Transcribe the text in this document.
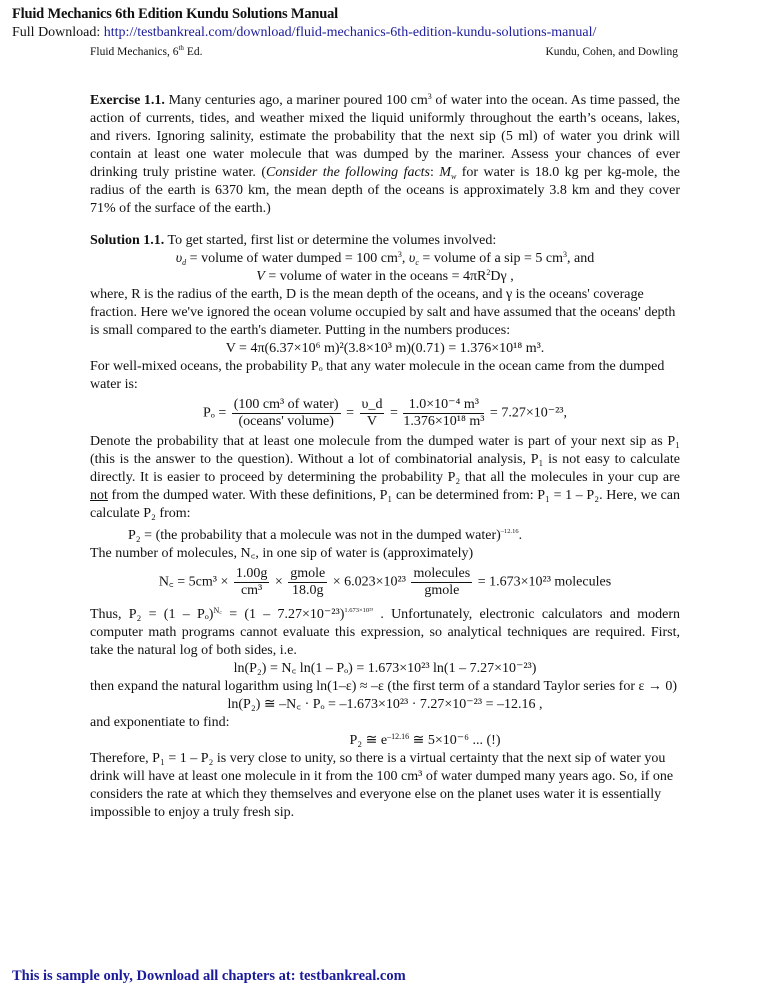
Fluid Mechanics 6th Edition Kundu Solutions Manual
Full Download: http://testbankreal.com/download/fluid-mechanics-6th-edition-kundu-solutions-manual/
Fluid Mechanics, 6th Ed.	Kundu, Cohen, and Dowling

Exercise 1.1. Many centuries ago, a mariner poured 100 $cm^3$ of water into the ocean. As time passed, the action of currents, tides, and weather mixed the liquid uniformly throughout the earth’s oceans, lakes, and rivers. Ignoring salinity, estimate the probability that the next sip (5 ml) of water you drink will contain at least one water molecule that was dumped by the mariner. Assess your chances of ever drinking truly pristine water. (Consider the following facts: $M_w$ for water is 18.0 kg per kg-mole, the radius of the earth is 6370 km, the mean depth of the oceans is approximately 3.8 km and they cover 71% of the surface of the earth.)

Solution 1.1. To get started, first list or determine the volumes involved:

$\upsilon_d$ = volume of water dumped = 100 $cm^3$, $\upsilon_c$ = volume of a sip = 5 $cm^3$, and

V = volume of water in the oceans = $4\pi R^2D\gamma$ ,

where, R is the radius of the earth, D is the mean depth of the oceans, and γ is the oceans' coverage fraction. Here we've ignored the ocean volume occupied by salt and have assumed that the oceans' depth is small compared to the earth's diameter. Putting in the numbers produces:

V = 4π(6.37×10⁶ m)²(3.8×10³ m)(0.71) = 1.376×10¹⁸ m³.

For well-mixed oceans, the probability Pₒ that any water molecule in the ocean came from the dumped water is:

$P_o = \frac{\text{(100 cm³ of water)}}{\text{(oceans' volume)}} = \frac{\upsilon\_d}{V} = \frac{\text{1.0×10⁻⁴ m³}}{\text{1.376×10¹⁸ m³}} = 7.27\times 10^{-23}$,

Denote the probability that at least one molecule from the dumped water is part of your next sip as P₁ (this is the answer to the question). Without a lot of combinatorial analysis, P₁ is not easy to calculate directly. It is easier to proceed by determining the probability P₂ that all the molecules in your cup are not from the dumped water. With these definitions, P₁ can be determined from: P₁ = 1 – P₂. Here, we can calculate P₂ from:

P₂ = (the probability that a molecule was not in the dumped water)$^{-12.16}$.

The number of molecules, N꜀, in one sip of water is (approximately)

N꜀ = $5cm^3 \times \frac{1.00g}{\text{cm³}} \times \frac{\text{gmole}}{18.0g} \times 6.023\times 10^{23} \frac{\text{molecules}}{\text{gmole}} = 1.673\times 10^{23}$ molecules

Thus, $P_2 = (1 - P_o)^{N꜀} = (1 - 7.27\times 10^{-23})^{1.673\times 10^{23}}$ . Unfortunately, electronic calculators and modern computer math programs cannot evaluate this expression, so analytical techniques are required. First, take the natural log of both sides, i.e.

ln(P₂) = N꜀ ln(1 – Pₒ) = 1.673×10²³ ln(1 – 7.27×10⁻²³)

then expand the natural logarithm using ln(1–ε) ≈ –ε (the first term of a standard Taylor series for ε → 0)

ln(P₂) ≅ –N꜀ · Pₒ = –1.673×10²³ · 7.27×10⁻²³ = –12.16 ,

and exponentiate to find:

P₂ ≅ $e^{-12.16}$ ≅ 5×10⁻⁶ ... (!)

Therefore, P₁ = 1 – P₂ is very close to unity, so there is a virtual certainty that the next sip of water you drink will have at least one molecule in it from the 100 cm³ of water dumped many years ago. So, if one considers the rate at which they themselves and everyone else on the planet uses water it is essentially impossible to enjoy a truly fresh sip.

This is sample only, Download all chapters at: testbankreal.com
